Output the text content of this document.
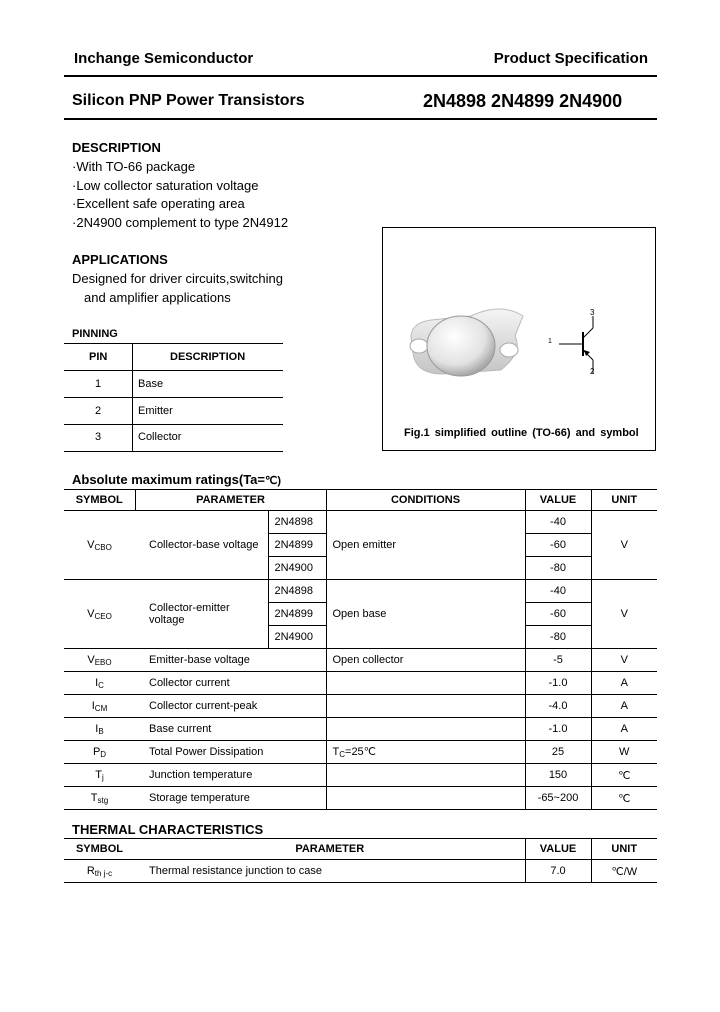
Inchange Semiconductor	Product Specification
Silicon PNP Power Transistors	2N4898 2N4899 2N4900
DESCRIPTION
·With TO-66 package
·Low collector saturation voltage
·Excellent safe operating area
·2N4900 complement to type 2N4912
APPLICATIONS
Designed for driver circuits,switching
and amplifier applications
PINNING
PIN	DESCRIPTION
1	Base
2	Emitter
3	Collector
1
3
2
Fig.1 simplified outline (TO-66) and symbol
Absolute maximum ratings(Ta=℃)
SYMBOL	PARAMETER		CONDITIONS	VALUE	UNIT
$V_{CBO}$	Collector-base voltage	2N4898	Open emitter	-40	V
		2N4899		-60	
		2N4900		-80	
$V_{CEO}$	Collector-emitter voltage	2N4898	Open base	-40	V
		2N4899		-60	
		2N4900		-80	
$V_{EBO}$	Emitter-base voltage		Open collector	-5	V
$I_C$	Collector current			-1.0	A
$I_{CM}$	Collector current-peak			-4.0	A
$I_B$	Base current			-1.0	A
$P_D$	Total Power Dissipation		$T_C=25℃$	25	W
$T_j$	Junction temperature			150	℃
$T_{stg}$	Storage temperature			-65~200	℃
THERMAL CHARACTERISTICS
SYMBOL	PARAMETER	VALUE	UNIT
$R_{th j-c}$	Thermal resistance junction to case	7.0	℃/W
